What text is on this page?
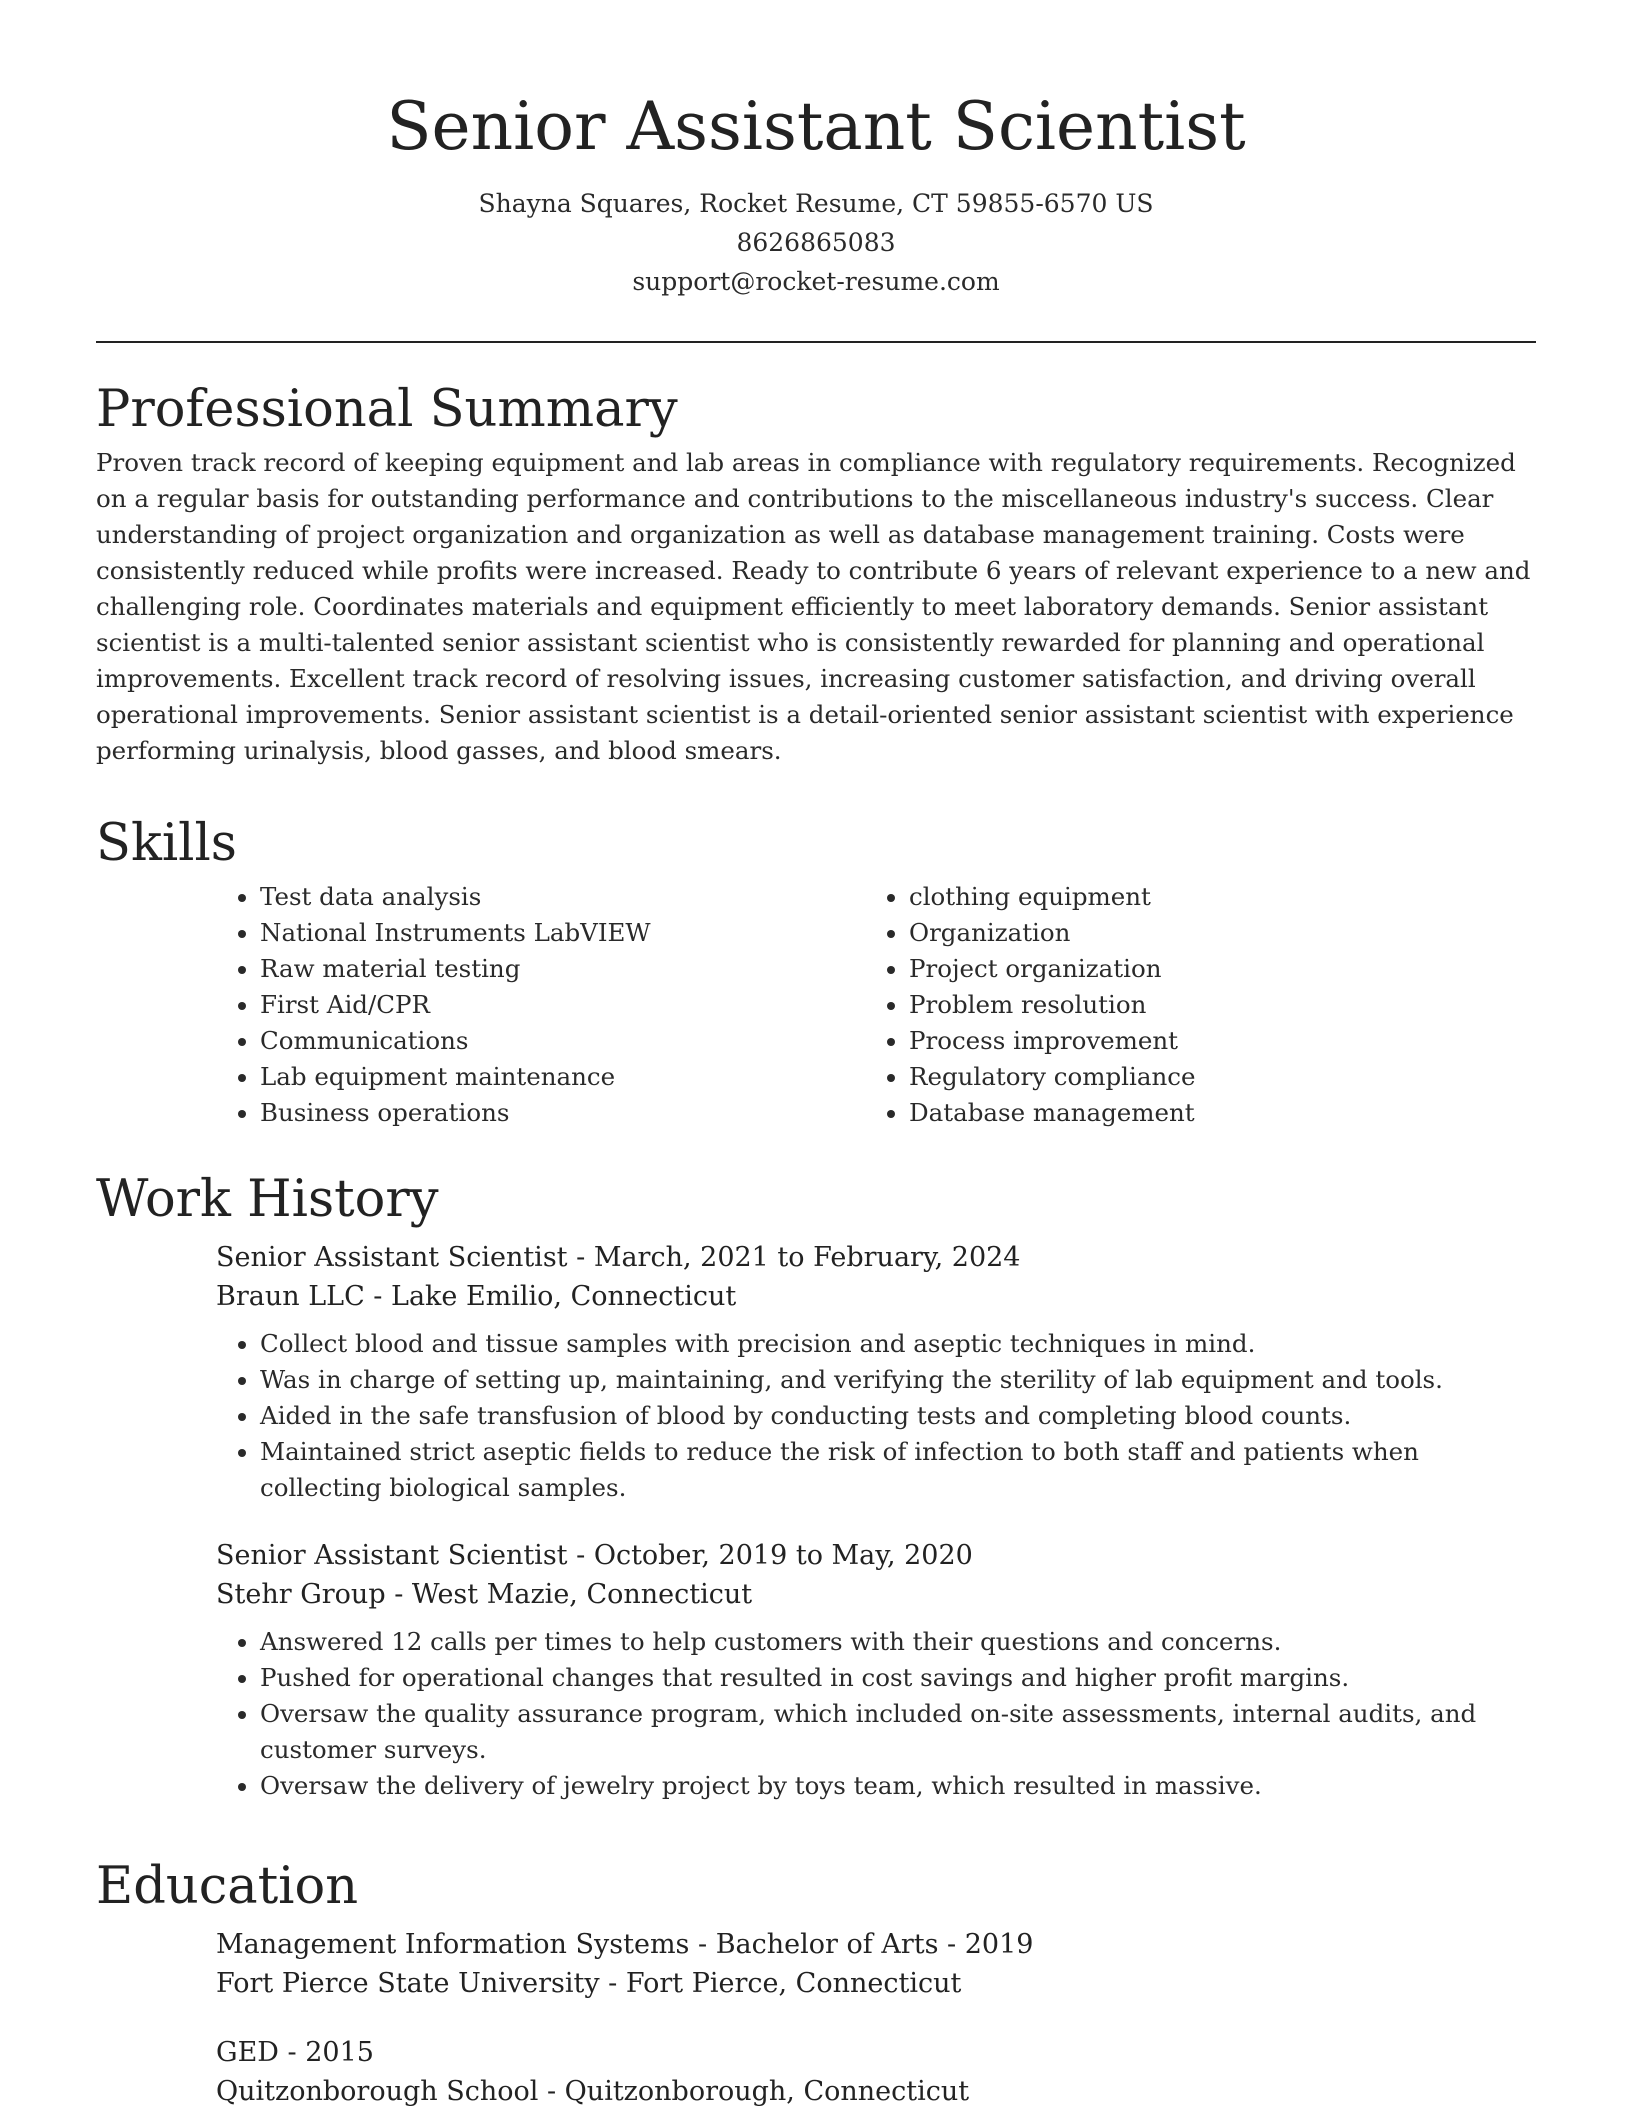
Senior Assistant Scientist
Shayna Squares, Rocket Resume, CT 59855-6570 US
8626865083
support@rocket-resume.com
Professional Summary

Proven track record of keeping equipment and lab areas in compliance with regulatory requirements. Recognized on a regular basis for outstanding performance and contributions to the miscellaneous industry's success. Clear understanding of project organization and organization as well as database management training. Costs were consistently reduced while profits were increased. Ready to contribute 6 years of relevant experience to a new and challenging role. Coordinates materials and equipment efficiently to meet laboratory demands. Senior assistant scientist is a multi-talented senior assistant scientist who is consistently rewarded for planning and operational improvements. Excellent track record of resolving issues, increasing customer satisfaction, and driving overall operational improvements. Senior assistant scientist is a detail-oriented senior assistant scientist with experience performing urinalysis, blood gasses, and blood smears.

Skills
• Test data analysis
• National Instruments LabVIEW
• Raw material testing
• First Aid/CPR
• Communications
• Lab equipment maintenance
• Business operations
• clothing equipment
• Organization
• Project organization
• Problem resolution
• Process improvement
• Regulatory compliance
• Database management
Work History

Senior Assistant Scientist - March, 2021 to February, 2024

Braun LLC - Lake Emilio, Connecticut

• Collect blood and tissue samples with precision and aseptic techniques in mind.
• Was in charge of setting up, maintaining, and verifying the sterility of lab equipment and tools.
• Aided in the safe transfusion of blood by conducting tests and completing blood counts.
• Maintained strict aseptic fields to reduce the risk of infection to both staff and patients when collecting biological samples.

Senior Assistant Scientist - October, 2019 to May, 2020

Stehr Group - West Mazie, Connecticut

• Answered 12 calls per times to help customers with their questions and concerns.
• Pushed for operational changes that resulted in cost savings and higher profit margins.
• Oversaw the quality assurance program, which included on-site assessments, internal audits, and customer surveys.
• Oversaw the delivery of jewelry project by toys team, which resulted in massive.
Education

Management Information Systems - Bachelor of Arts - 2019

Fort Pierce State University - Fort Pierce, Connecticut

GED - 2015

Quitzonborough School - Quitzonborough, Connecticut
